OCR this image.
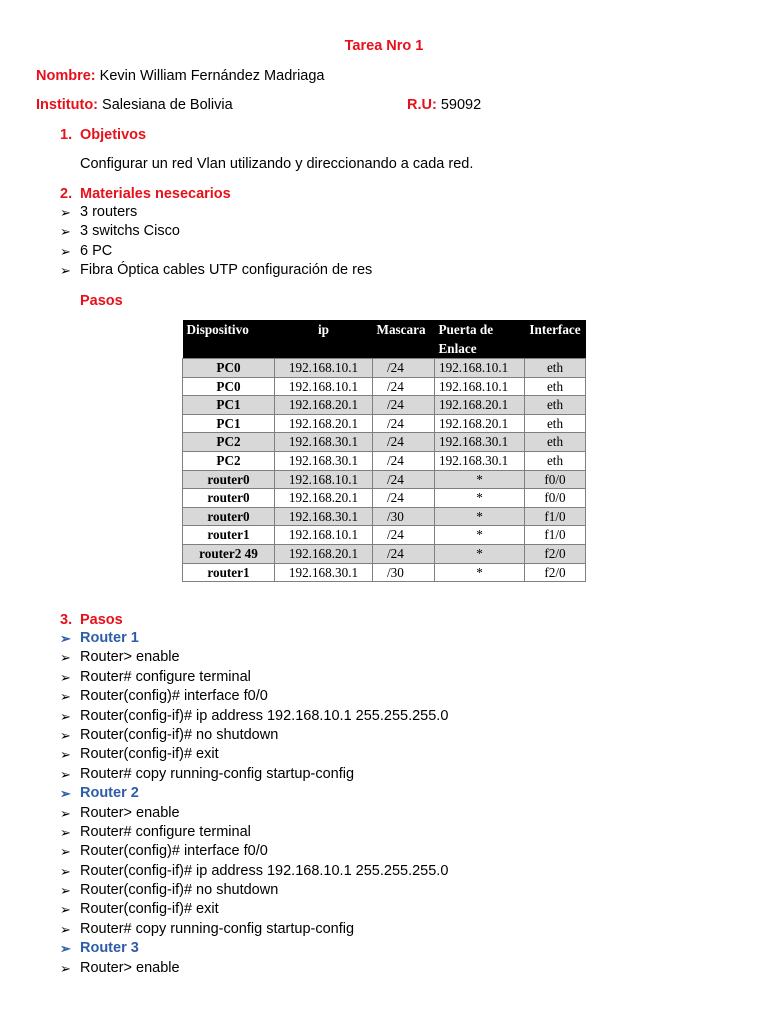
Tarea Nro 1
Nombre: Kevin William Fernández Madriaga
Instituto: Salesiana de Bolivia	R.U: 59092
1. Objetivos
Configurar un red Vlan utilizando y direccionando a cada red.
2. Materiales nesecarios
➢ 3 routers
➢ 3 switchs Cisco
➢ 6 PC
➢ Fibra Óptica cables UTP configuración de res
Pasos
Dispositivo	ip	Mascara	Puerta de Enlace	Interface
PC0	192.168.10.1	/24	192.168.10.1	eth
PC0	192.168.10.1	/24	192.168.10.1	eth
PC1	192.168.20.1	/24	192.168.20.1	eth
PC1	192.168.20.1	/24	192.168.20.1	eth
PC2	192.168.30.1	/24	192.168.30.1	eth
PC2	192.168.30.1	/24	192.168.30.1	eth
router0	192.168.10.1	/24	*	f0/0
router0	192.168.20.1	/24	*	f0/0
router0	192.168.30.1	/30	*	f1/0
router1	192.168.10.1	/24	*	f1/0
router2 49	192.168.20.1	/24	*	f2/0
router1	192.168.30.1	/30	*	f2/0
3. Pasos
➢ Router 1
➢ Router> enable
➢ Router# configure terminal
➢ Router(config)# interface f0/0
➢ Router(config-if)# ip address 192.168.10.1 255.255.255.0
➢ Router(config-if)# no shutdown
➢ Router(config-if)# exit
➢ Router# copy running-config startup-config
➢ Router 2
➢ Router> enable
➢ Router# configure terminal
➢ Router(config)# interface f0/0
➢ Router(config-if)# ip address 192.168.10.1 255.255.255.0
➢ Router(config-if)# no shutdown
➢ Router(config-if)# exit
➢ Router# copy running-config startup-config
➢ Router 3
➢ Router> enable
